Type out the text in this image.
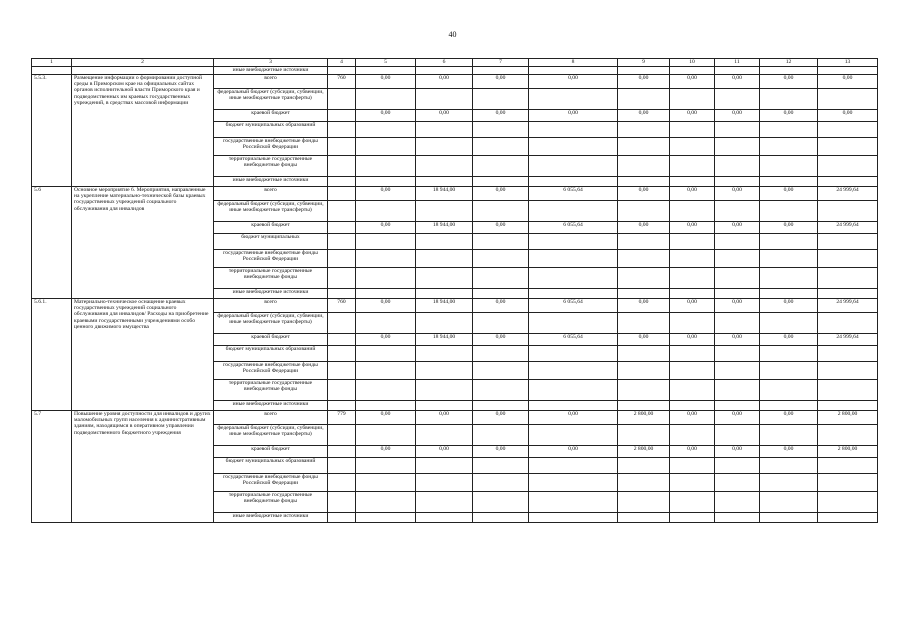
40
1	2	3	4	5	6	7	8	9	10	11	12	13
		иные внебюджетные источники										
5.5.3.	Размещение информации о формировании доступной среды в Приморском крае на официальных сайтах органов исполнительной власти Приморского края и подведомственных им краевых государственных учреждений, в средствах массовой информации	всего	760	0,00	0,00	0,00	0,00	0,00	0,00	0,00	0,00	0,00
		федеральный бюджет (субсидии, субвенции, иные межбюджетные трансферты)										
		краевой бюджет		0,00	0,00	0,00	0,00	0,00	0,00	0,00	0,00	0,00
		бюджет муниципальных образований										
		государственные внебюджетные фонды Российской Федерации										
		территориальные государственные внебюджетные фонды										
		иные внебюджетные источники										
5.6	Основное мероприятие 6. Мероприятия, направленные на укрепление материально-технической базы краевых государственных учреждений социального обслуживания для инвалидов	всего		0,00	18 944,00	0,00	6 055,64	0,00	0,00	0,00	0,00	24 999,64
		федеральный бюджет (субсидии, субвенции, иные межбюджетные трансферты)										
		краевой бюджет		0,00	18 944,00	0,00	6 055,64	0,00	0,00	0,00	0,00	24 999,64
		бюджет муниципальных										
		государственные внебюджетные фонды Российской Федерации										
		территориальные государственные внебюджетные фонды										
		иные внебюджетные источники										
5.6.1.	Материально-техническое оснащение краевых государственных учреждений социального обслуживания для инвалидов/ Расходы на приобретение краевыми государственными учреждениями особо ценного движимого имущества	всего	760	0,00	18 944,00	0,00	6 055,64	0,00	0,00	0,00	0,00	24 999,64
		федеральный бюджет (субсидии, субвенции, иные межбюджетные трансферты)										
		краевой бюджет		0,00	18 944,00	0,00	6 055,64	0,00	0,00	0,00	0,00	24 999,64
		бюджет муниципальных образований										
		государственные внебюджетные фонды Российской Федерации										
		территориальные государственные внебюджетные фонды										
		иные внебюджетные источники										
5.7	Повышение уровня доступности для инвалидов и других маломобильных групп населения к административным зданиям, находящимся в оперативном управлении подведомственного бюджетного учреждения	всего	779	0,00	0,00	0,00	0,00	2 800,00	0,00	0,00	0,00	2 800,00
		федеральный бюджет (субсидии, субвенции, иные межбюджетные трансферты)										
		краевой бюджет		0,00	0,00	0,00	0,00	2 800,00	0,00	0,00	0,00	2 800,00
		бюджет муниципальных образований										
		государственные внебюджетные фонды Российской Федерации										
		территориальные государственные внебюджетные фонды										
		иные внебюджетные источники										
